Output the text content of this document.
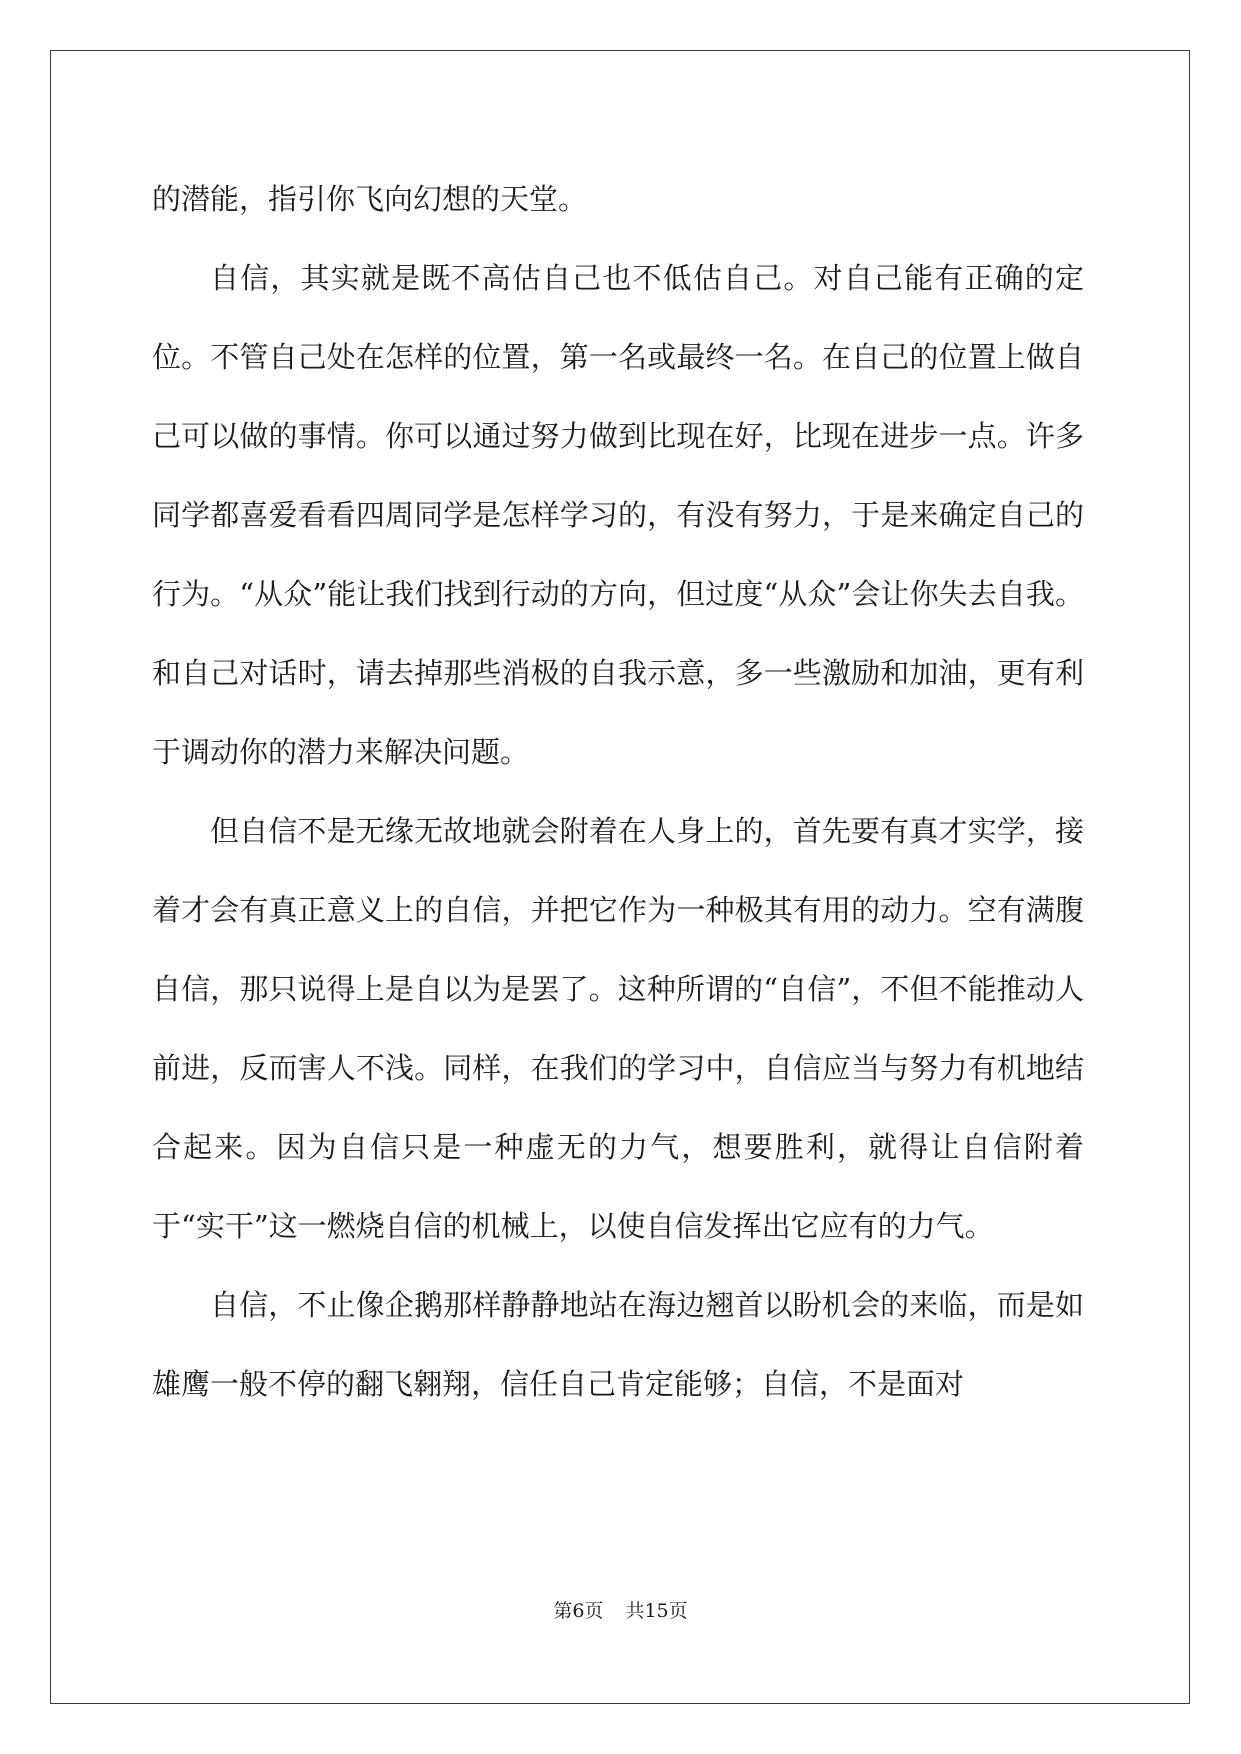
的潜能，指引你飞向幻想的天堂。

自信，其实就是既不高估自己也不低估自己。对自己能有正确的定位。不管自己处在怎样的位置，第一名或最终一名。在自己的位置上做自己可以做的事情。你可以通过努力做到比现在好，比现在进步一点。许多同学都喜爱看看四周同学是怎样学习的，有没有努力，于是来确定自己的行为。“从众”能让我们找到行动的方向，但过度“从众”会让你失去自我。和自己对话时，请去掉那些消极的自我示意，多一些激励和加油，更有利于调动你的潜力来解决问题。

但自信不是无缘无故地就会附着在人身上的，首先要有真才实学，接着才会有真正意义上的自信，并把它作为一种极其有用的动力。空有满腹自信，那只说得上是自以为是罢了。这种所谓的“自信”，不但不能推动人前进，反而害人不浅。同样，在我们的学习中，自信应当与努力有机地结合起来。因为自信只是一种虚无的力气，想要胜利，就得让自信附着于“实干”这一燃烧自信的机械上，以使自信发挥出它应有的力气。

自信，不止像企鹅那样静静地站在海边翘首以盼机会的来临，而是如雄鹰一般不停的翻飞翱翔，信任自己肯定能够；自信，不是面对

第6页 共15页
